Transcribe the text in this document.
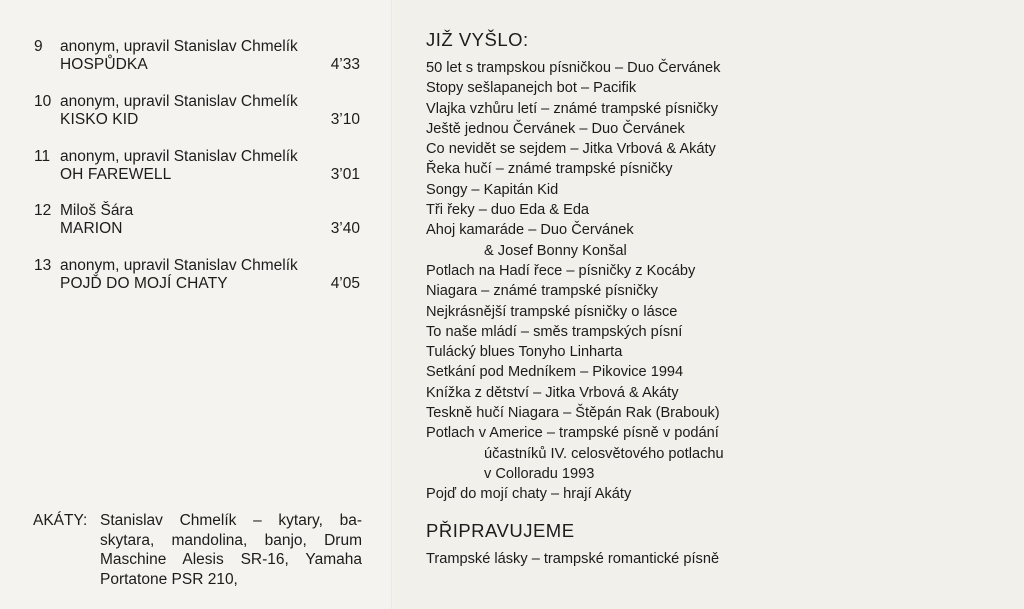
9 anonym, upravil Stanislav Chmelík
HOSPŮDKA	4’33
10 anonym, upravil Stanislav Chmelík
KISKO KID	3’10
11 anonym, upravil Stanislav Chmelík
OH FAREWELL	3’01
12 Miloš Šára
MARION	3’40
13 anonym, upravil Stanislav Chmelík
POJĎ DO MOJÍ CHATY	4’05
AKÁTY: Stanislav Chmelík – kytary, ba-
skytara, mandolina, banjo, Drum
Maschine Alesis SR-16, Yamaha
Portatone PSR 210,
JIŽ VYŠLO:
50 let s trampskou písničkou – Duo Červánek
Stopy sešlapanejch bot – Pacifik
Vlajka vzhůru letí – známé trampské písničky
Ještě jednou Červánek – Duo Červánek
Co nevidět se sejdem – Jitka Vrbová & Akáty
Řeka hučí – známé trampské písničky
Songy – Kapitán Kid
Tři řeky – duo Eda & Eda
Ahoj kamaráde – Duo Červánek
& Josef Bonny Konšal
Potlach na Hadí řece – písničky z Kocáby
Niagara – známé trampské písničky
Nejkrásnější trampské písničky o lásce
To naše mládí – směs trampských písní
Tulácký blues Tonyho Linharta
Setkání pod Medníkem – Pikovice 1994
Knížka z dětství – Jitka Vrbová & Akáty
Teskně hučí Niagara – Štěpán Rak (Brabouk)
Potlach v Americe – trampské písně v podání
účastníků IV. celosvětového potlachu
v Colloradu 1993
Pojď do mojí chaty – hrají Akáty
PŘIPRAVUJEME
Trampské lásky – trampské romantické písně
